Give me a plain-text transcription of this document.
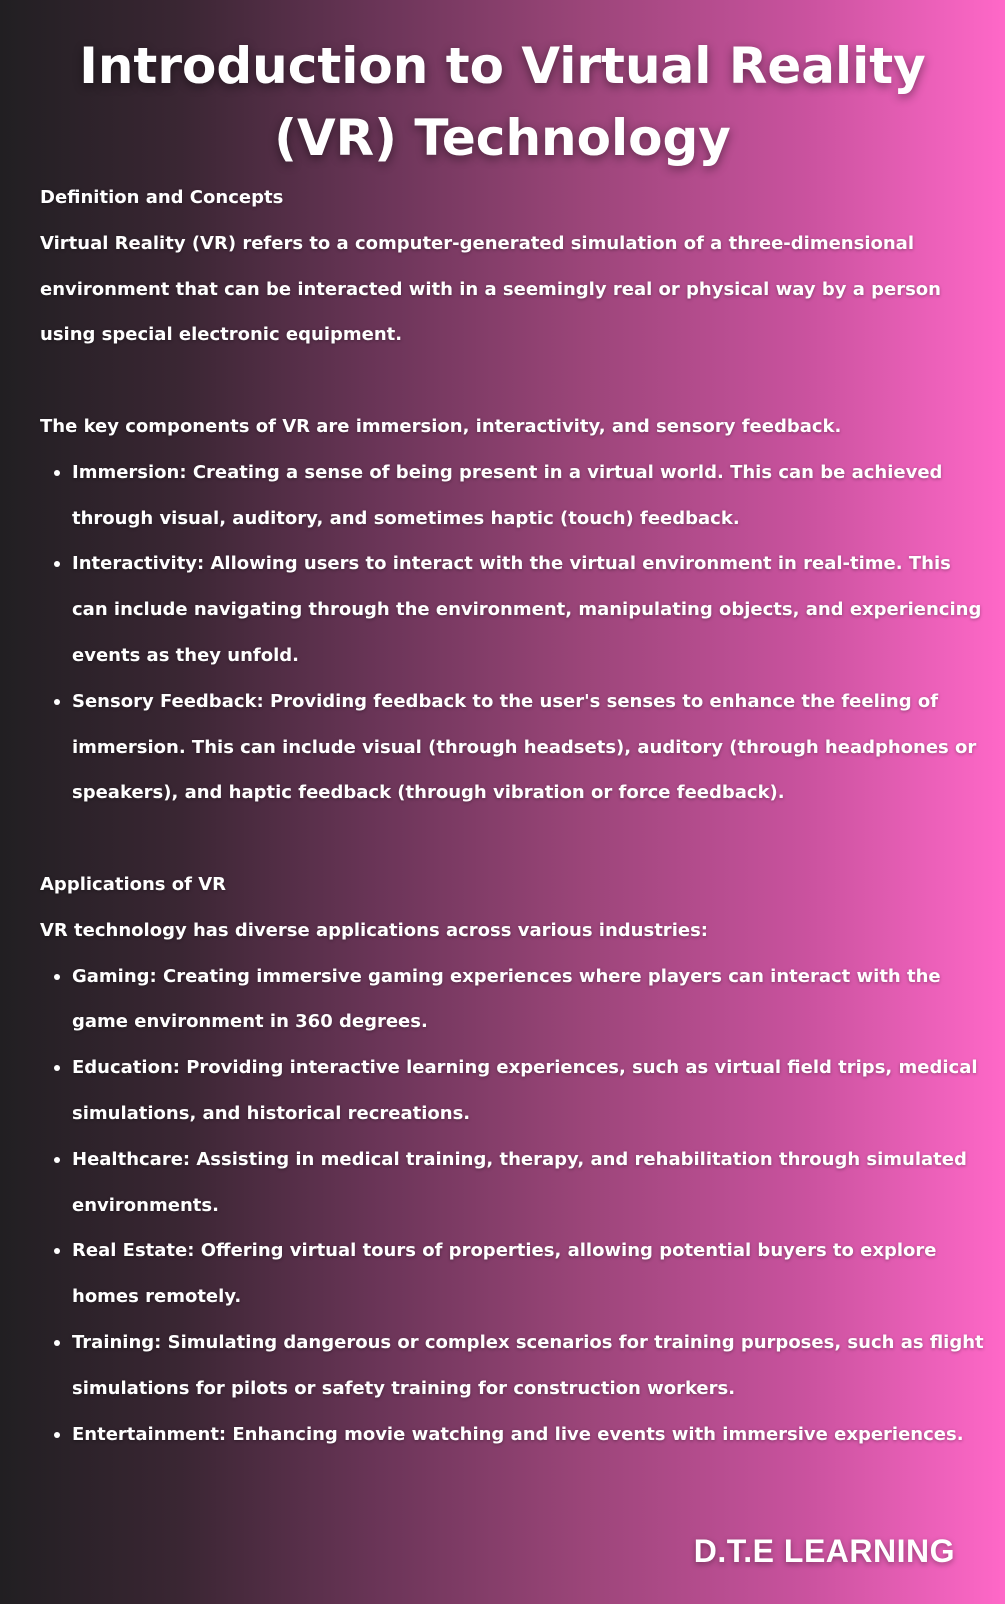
Introduction to Virtual Reality
(VR) Technology

Definition and Concepts

Virtual Reality (VR) refers to a computer-generated simulation of a three-dimensional environment that can be interacted with in a seemingly real or physical way by a person using special electronic equipment.

The key components of VR are immersion, interactivity, and sensory feedback.

Immersion: Creating a sense of being present in a virtual world. This can be achieved through visual, auditory, and sometimes haptic (touch) feedback.
Interactivity: Allowing users to interact with the virtual environment in real-time. This can include navigating through the environment, manipulating objects, and experiencing events as they unfold.
Sensory Feedback: Providing feedback to the user's senses to enhance the feeling of immersion. This can include visual (through headsets), auditory (through headphones or speakers), and haptic feedback (through vibration or force feedback).

Applications of VR

VR technology has diverse applications across various industries:

Gaming: Creating immersive gaming experiences where players can interact with the game environment in 360 degrees.
Education: Providing interactive learning experiences, such as virtual field trips, medical simulations, and historical recreations.
Healthcare: Assisting in medical training, therapy, and rehabilitation through simulated environments.
Real Estate: Offering virtual tours of properties, allowing potential buyers to explore homes remotely.
Training: Simulating dangerous or complex scenarios for training purposes, such as flight simulations for pilots or safety training for construction workers.
Entertainment: Enhancing movie watching and live events with immersive experiences.
D.T.E LEARNING
